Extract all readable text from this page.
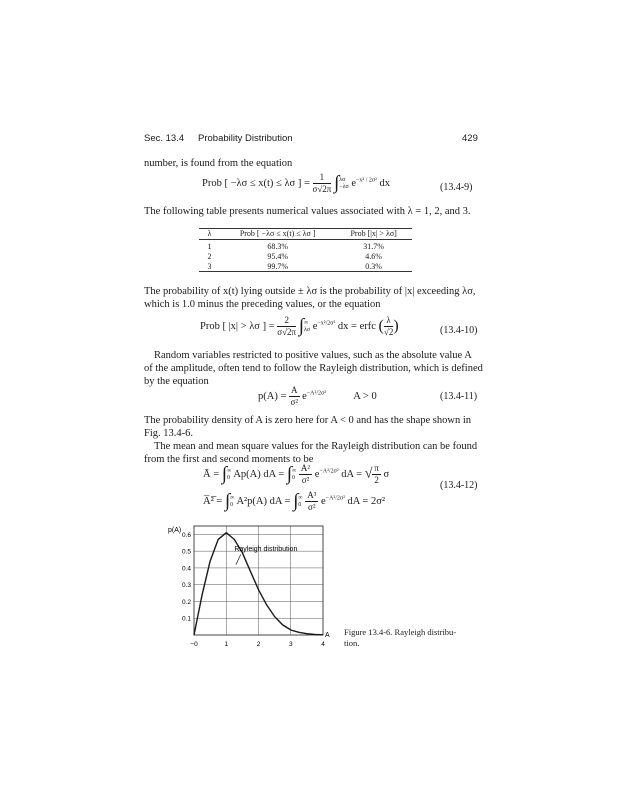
Sec. 13.4 Probability Distribution	429
number, is found from the equation
Prob [ −λσ ≤ x(t) ≤ λσ ] = $\frac{1}{\sigma√2\pi} \int\lambda\sigma$
−λσ $e^{-x^2 / 2\sigma^2}$ dx	(13.4-9)
The following table presents numerical values associated with λ = 1, 2, and 3.
λ	Prob [ −λσ ≤ x(t) ≤ λσ ]	Prob [|x| > λσ]

1	68.3%	31.7%
2	95.4%	4.6%
3	99.7%	0.3%
The probability of x(t) lying outside ± λσ is the probability of |x| exceeding λσ,
which is 1.0 minus the preceding values, or the equation
Prob [ |x| > λσ ] = $\frac{2}{\sigma√2\pi}$ ∫∞
λσ $e^{-x^2/2\sigma^2}$ dx = erfc ( $\frac{\lambda}{√2}$ )	(13.4-10)
Random variables restricted to positive values, such as the absolute value A
of the amplitude, often tend to follow the Rayleigh distribution, which is defined
by the equation
$p(A) = \frac{A}{\text{σ²}} e^{-A^2/2\sigma^2}$	A > 0	(13.4-11)
The probability density of A is zero here for A < 0 and has the shape shown in
Fig. 13.4-6.
The mean and mean square values for the Rayleigh distribution can be found
from the first and second moments to be
Ā = ∫∞
0 Ap(A) dA = ∫∞
$0 \frac{\text{A²}}{\text{σ²}} e^{-A^2/2\sigma^2}$ dA = √ $\frac{\pi}{2}$ σ
A̅²̅ = ∫∞
0 A²p(A) dA = ∫∞
$0 \frac{\text{A³}}{\text{σ²}} e^{-A^2/2\sigma^2}$ dA = 2σ²
(13.4-12)
p(A)
0.6
0.5
0.4
0.3
0.2
0.1
−0	1	2	3	4
A
Rayleigh distribution
Figure 13.4-6. Rayleigh distribu-
tion.
